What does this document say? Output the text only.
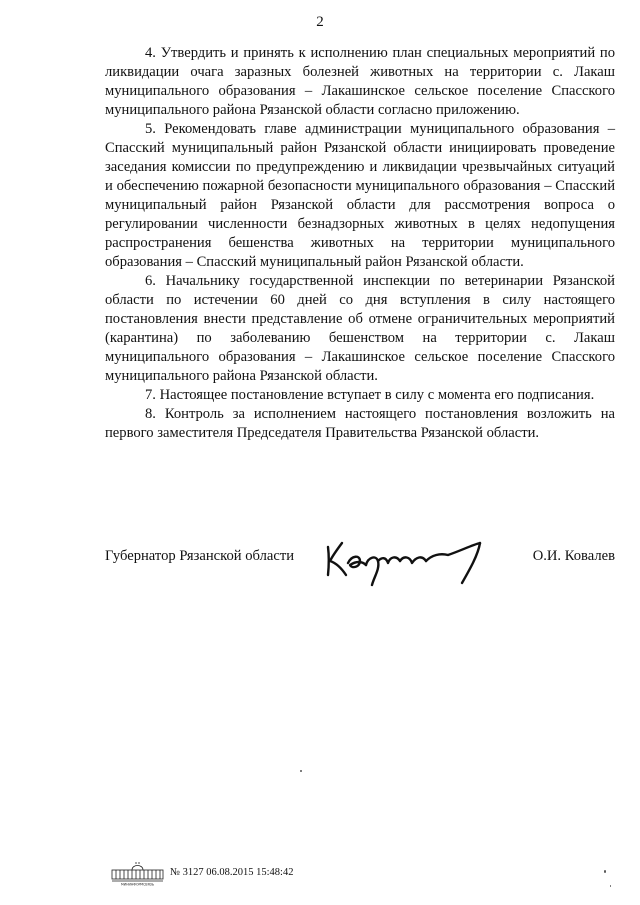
2

4. Утвердить и принять к исполнению план специальных мероприятий по ликвидации очага заразных болезней животных на территории с. Лакаш муниципального образования – Лакашинское сельское поселение Спасского муниципального района Рязанской области согласно приложению.

5. Рекомендовать главе администрации муниципального образования – Спасский муниципальный район Рязанской области инициировать проведение заседания комиссии по предупреждению и ликвидации чрезвычайных ситуаций и обеспечению пожарной безопасности муниципального образования – Спасский муниципальный район Рязанской области для рассмотрения вопроса о регулировании численности безнадзорных животных в целях недопущения распространения бешенства животных на территории муниципального образования – Спасский муниципальный район Рязанской области.

6. Начальнику государственной инспекции по ветеринарии Рязанской области по истечении 60 дней со дня вступления в силу настоящего постановления внести представление об отмене ограничительных мероприятий (карантина) по заболеванию бешенством на территории с. Лакаш муниципального образования – Лакашинское сельское поселение Спасского муниципального района Рязанской области.

7. Настоящее постановление вступает в силу с момента его подписания.

8. Контроль за исполнением настоящего постановления возложить на первого заместителя Председателя Правительства Рязанской области.

Губернатор Рязанской области	О.И. Ковалев
МИНИНФОРМСВЯЗЬ
№ 3127 06.08.2015 15:48:42
